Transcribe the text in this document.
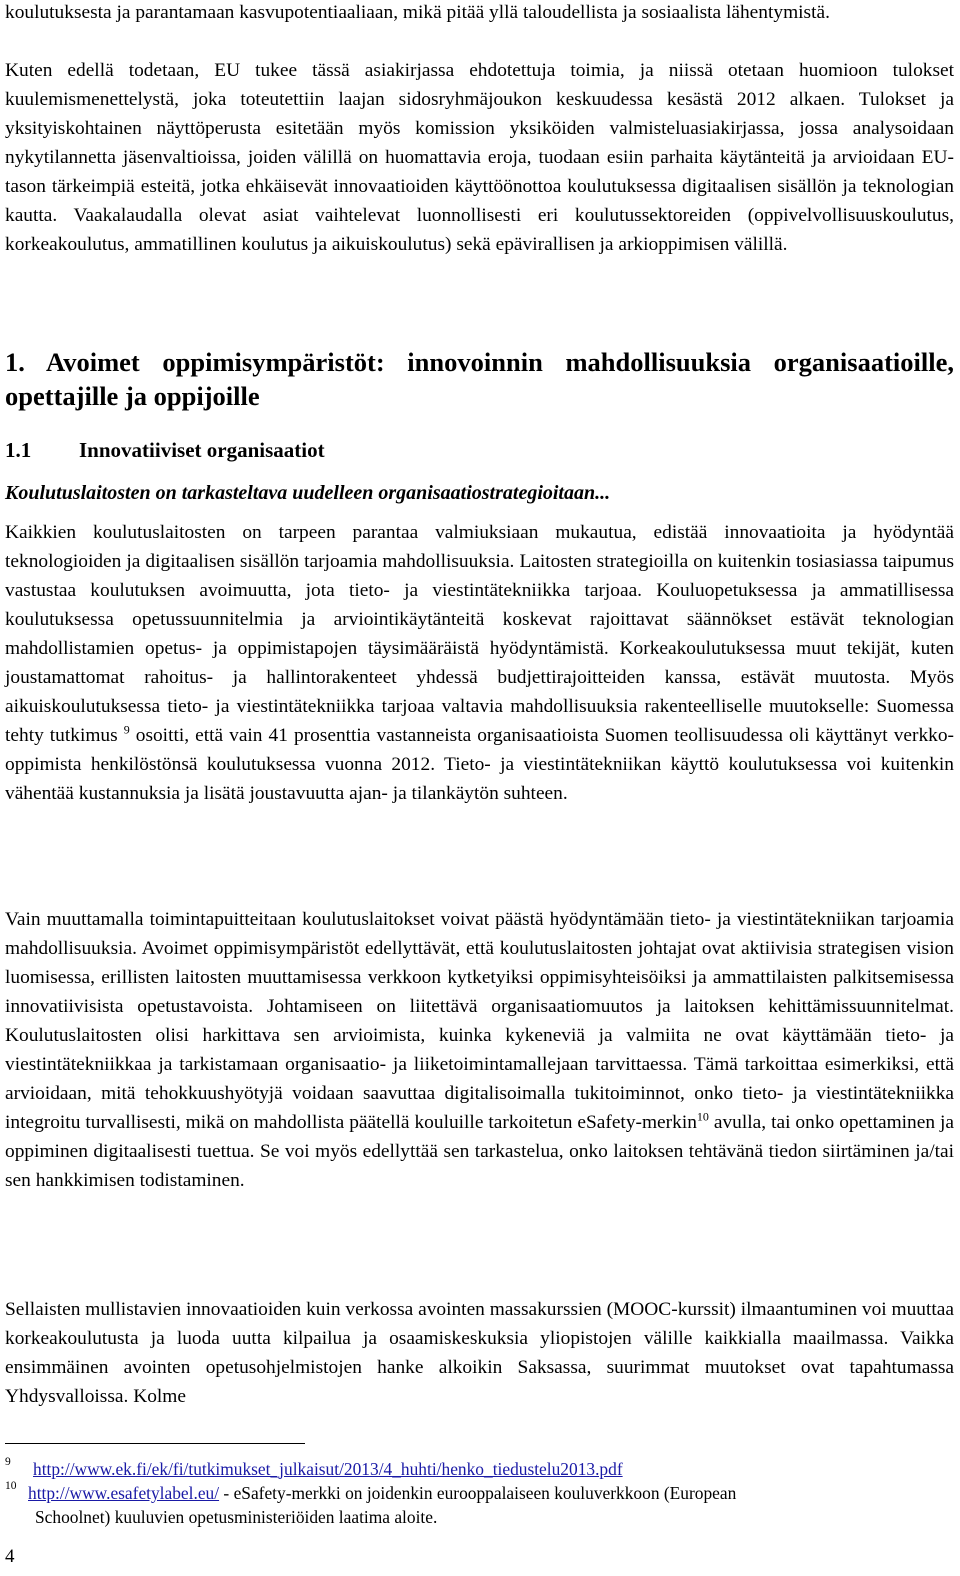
koulutuksesta ja parantamaan kasvupotentiaaliaan, mikä pitää yllä taloudellista ja sosiaalista lähentymistä.

Kuten edellä todetaan, EU tukee tässä asiakirjassa ehdotettuja toimia, ja niissä otetaan huomioon tulokset kuulemismenettelystä, joka toteutettiin laajan sidosryhmäjoukon keskuudessa kesästä 2012 alkaen. Tulokset ja yksityiskohtainen näyttöperusta esitetään myös komission yksiköiden valmisteluasiakirjassa, jossa analysoidaan nykytilannetta jäsenvaltioissa, joiden välillä on huomattavia eroja, tuodaan esiin parhaita käytänteitä ja arvioidaan EU-tason tärkeimpiä esteitä, jotka ehkäisevät innovaatioiden käyttöönottoa koulutuksessa digitaalisen sisällön ja teknologian kautta. Vaakalaudalla olevat asiat vaihtelevat luonnollisesti eri koulutussektoreiden (oppivelvollisuuskoulutus, korkeakoulutus, ammatillinen koulutus ja aikuiskoulutus) sekä epävirallisen ja arkioppimisen välillä.

1. Avoimet oppimisympäristöt: innovoinnin mahdollisuuksia organisaatioille, opettajille ja oppijoille
1.1 Innovatiiviset organisaatiot
Koulutuslaitosten on tarkasteltava uudelleen organisaatiostrategioitaan...

Kaikkien koulutuslaitosten on tarpeen parantaa valmiuksiaan mukautua, edistää innovaatioita ja hyödyntää teknologioiden ja digitaalisen sisällön tarjoamia mahdollisuuksia. Laitosten strategioilla on kuitenkin tosiasiassa taipumus vastustaa koulutuksen avoimuutta, jota tieto- ja viestintätekniikka tarjoaa. Kouluopetuksessa ja ammatillisessa koulutuksessa opetussuunnitelmia ja arviointikäytänteitä koskevat rajoittavat säännökset estävät teknologian mahdollistamien opetus- ja oppimistapojen täysimääräistä hyödyntämistä. Korkeakoulutuksessa muut tekijät, kuten joustamattomat rahoitus- ja hallintorakenteet yhdessä budjettirajoitteiden kanssa, estävät muutosta. Myös aikuiskoulutuksessa tieto- ja viestintätekniikka tarjoaa valtavia mahdollisuuksia rakenteelliselle muutokselle: Suomessa tehty tutkimus $^9$ osoitti, että vain 41 prosenttia vastanneista organisaatioista Suomen teollisuudessa oli käyttänyt verkko-oppimista henkilöstönsä koulutuksessa vuonna 2012. Tieto- ja viestintätekniikan käyttö koulutuksessa voi kuitenkin vähentää kustannuksia ja lisätä joustavuutta ajan- ja tilankäytön suhteen.

Vain muuttamalla toimintapuitteitaan koulutuslaitokset voivat päästä hyödyntämään tieto- ja viestintätekniikan tarjoamia mahdollisuuksia. Avoimet oppimisympäristöt edellyttävät, että koulutuslaitosten johtajat ovat aktiivisia strategisen vision luomisessa, erillisten laitosten muuttamisessa verkkoon kytketyiksi oppimisyhteisöiksi ja ammattilaisten palkitsemisessa innovatiivisista opetustavoista. Johtamiseen on liitettävä organisaatiomuutos ja laitoksen kehittämissuunnitelmat. Koulutuslaitosten olisi harkittava sen arvioimista, kuinka kykeneviä ja valmiita ne ovat käyttämään tieto- ja viestintätekniikkaa ja tarkistamaan organisaatio- ja liiketoimintamallejaan tarvittaessa. Tämä tarkoittaa esimerkiksi, että arvioidaan, mitä tehokkuushyötyjä voidaan saavuttaa digitalisoimalla tukitoiminnot, onko tieto- ja viestintätekniikka integroitu turvallisesti, mikä on mahdollista päätellä kouluille tarkoitetun eSafety-merkin$^{10}$ avulla, tai onko opettaminen ja oppiminen digitaalisesti tuettua. Se voi myös edellyttää sen tarkastelua, onko laitoksen tehtävänä tiedon siirtäminen ja/tai sen hankkimisen todistaminen.

Sellaisten mullistavien innovaatioiden kuin verkossa avointen massakurssien (MOOC-kurssit) ilmaantuminen voi muuttaa korkeakoulutusta ja luoda uutta kilpailua ja osaamiskeskuksia yliopistojen välille kaikkialla maailmassa. Vaikka ensimmäinen avointen opetusohjelmistojen hanke alkoikin Saksassa, suurimmat muutokset ovat tapahtumassa Yhdysvalloissa. Kolme

9 http://www.ek.fi/ek/fi/tutkimukset_julkaisut/2013/4_huhti/henko_tiedustelu2013.pdf

10 http://www.esafetylabel.eu/ - eSafety-merkki on joidenkin eurooppalaiseen kouluverkkoon (European
Schoolnet) kuuluvien opetusministeriöiden laatima aloite.

4
